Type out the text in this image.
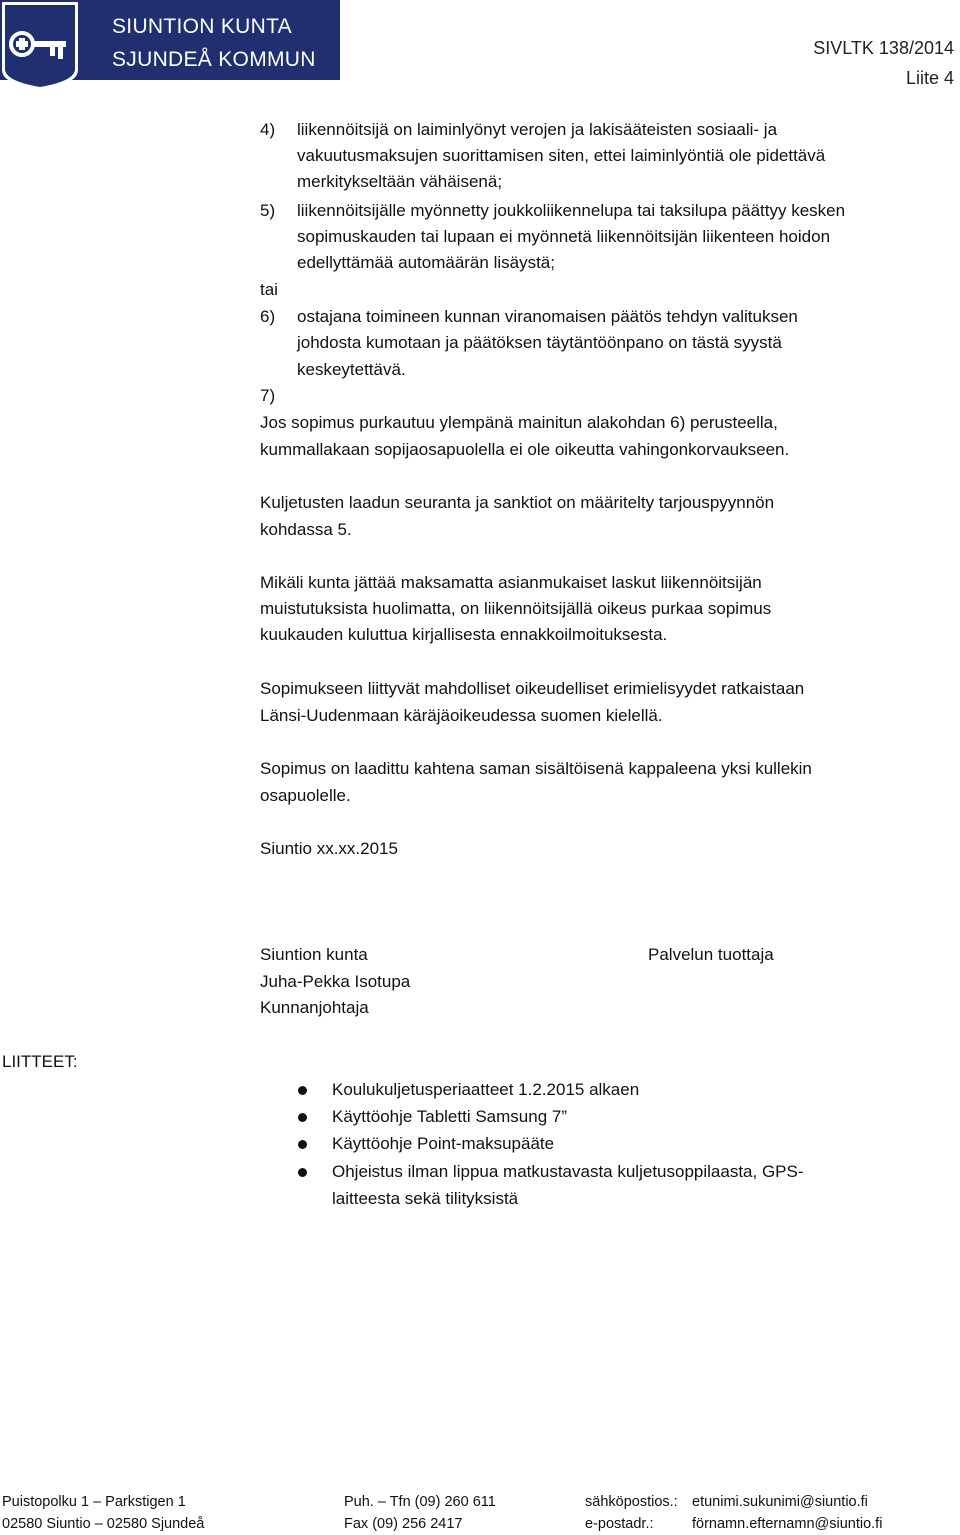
SIUNTION KUNTA
SJUNDEÅ KOMMUN	SIVLTK 138/2014
Liite 4
4) liikennöitsijä on laiminlyönyt verojen ja lakisääteisten sosiaali- ja
vakuutusmaksujen suorittamisen siten, ettei laiminlyöntiä ole pidettävä
merkitykseltään vähäisenä;
5) liikennöitsijälle myönnetty joukkoliikennelupa tai taksilupa päättyy kesken
sopimuskauden tai lupaan ei myönnetä liikennöitsijän liikenteen hoidon
edellyttämää automäärän lisäystä;
tai
6) ostajana toimineen kunnan viranomaisen päätös tehdyn valituksen
johdosta kumotaan ja päätöksen täytäntöönpano on tästä syystä
keskeytettävä.
7)
Jos sopimus purkautuu ylempänä mainitun alakohdan 6) perusteella,
kummallakaan sopijaosapuolella ei ole oikeutta vahingonkorvaukseen.
Kuljetusten laadun seuranta ja sanktiot on määritelty tarjouspyynnön
kohdassa 5.
Mikäli kunta jättää maksamatta asianmukaiset laskut liikennöitsijän
muistutuksista huolimatta, on liikennöitsijällä oikeus purkaa sopimus
kuukauden kuluttua kirjallisesta ennakkoilmoituksesta.
Sopimukseen liittyvät mahdolliset oikeudelliset erimielisyydet ratkaistaan
Länsi-Uudenmaan käräjäoikeudessa suomen kielellä.
Sopimus on laadittu kahtena saman sisältöisenä kappaleena yksi kullekin
osapuolelle.
Siuntio xx.xx.2015
Siuntion kunta
Juha-Pekka Isotupa
Kunnanjohtaja
Palvelun tuottaja
LIITTEET:
Koulukuljetusperiaatteet 1.2.2015 alkaen
Käyttöohje Tabletti Samsung 7”
Käyttöohje Point-maksupääte
Ohjeistus ilman lippua matkustavasta kuljetusoppilaasta, GPS-
laitteesta sekä tilityksistä
Puistopolku 1 – Parkstigen 1
02580 Siuntio – 02580 Sjundeå
Puh. – Tfn (09) 260 611
Fax (09) 256 2417
sähköpostios.: etunimi.sukunimi@siuntio.fi
e-postadr.:	förnamn.efternamn@siuntio.fi
